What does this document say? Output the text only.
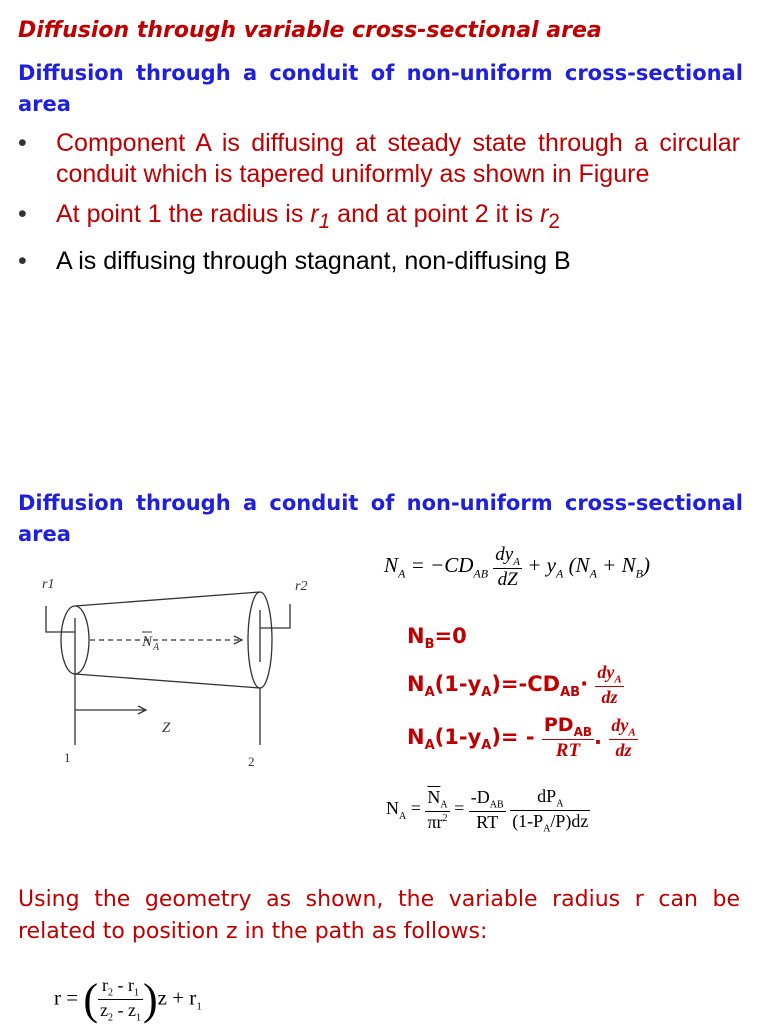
Diffusion through variable cross-sectional area
Diffusion through a conduit of non-uniform cross-sectional area
• Component A is diffusing at steady state through a circular conduit which is tapered uniformly as shown in Figure
• At point 1 the radius is $r_1$ and at point 2 it is $r_2$
• A is diffusing through stagnant, non-diffusing B
Diffusion through a conduit of non-uniform cross-sectional area
r1	r2
N A
Z
1	2
$N_A = -CD_{AB} \frac{dy_A}{dZ} + y_A$ $(N_A + N_B)$
$N_B=0$
$N_A(1-y_A)=-CD_{AB}\cdot \frac{dy_A}{dz}$
$N_A(1-y_A)= - \frac{PD_{AB}}{RT}$ . $\frac{dy_A}{dz}$
$N_A = \frac{\overline{N}_A}{\pi r^2} = \frac{-D_{AB}}{RT}$
$\frac{dP_A}{(1-P_A/P)dz}$
Using the geometry as shown, the variable radius r can be related to position z in the path as follows:
r = ( $\frac{r_2 - r_1}{z_2 - z_1} )z + r_1$
